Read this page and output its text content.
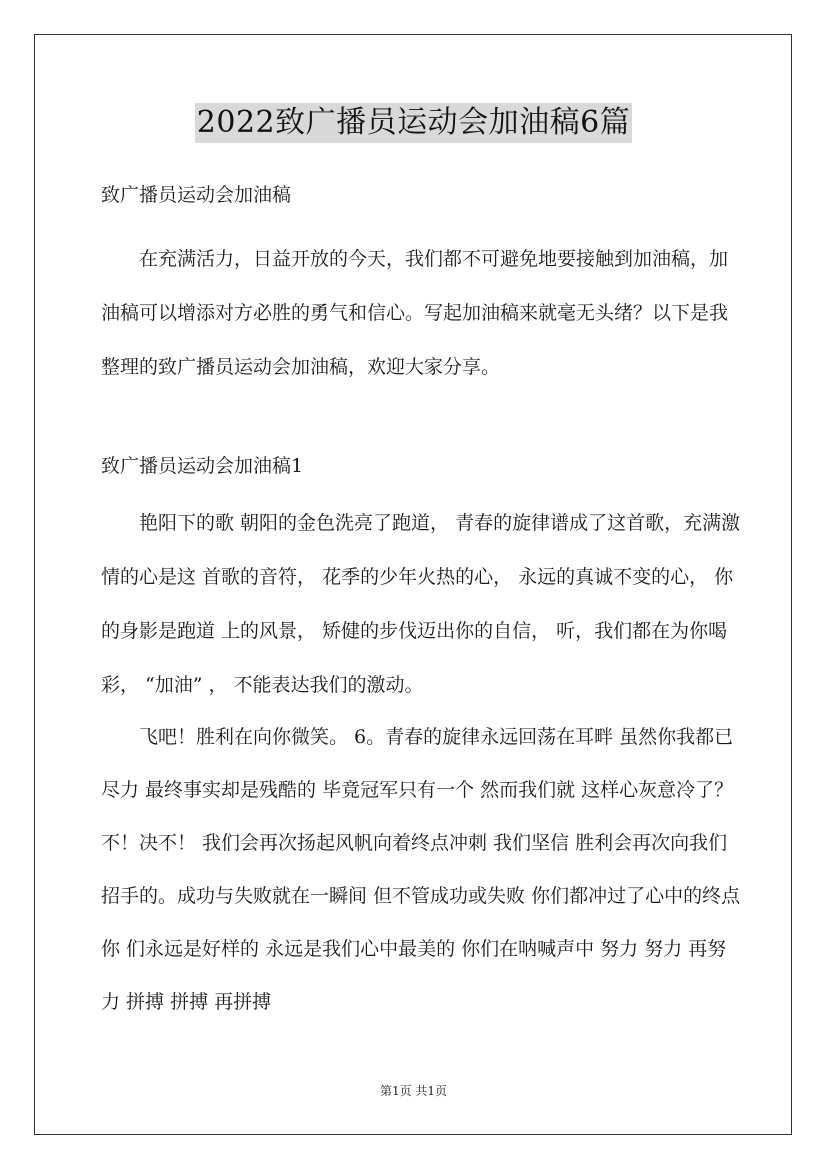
2022致广播员运动会加油稿6篇
致广播员运动会加油稿
在充满活力，日益开放的今天，我们都不可避免地要接触到加油稿，加油稿可以增添对方必胜的勇气和信心。写起加油稿来就毫无头绪？以下是我整理的致广播员运动会加油稿，欢迎大家分享。
致广播员运动会加油稿1
艳阳下的歌 朝阳的金色洗亮了跑道， 青春的旋律谱成了这首歌，充满激情的心是这 首歌的音符， 花季的少年火热的心， 永远的真诚不变的心， 你的身影是跑道 上的风景， 矫健的步伐迈出你的自信， 听，我们都在为你喝彩， “加油” ， 不能表达我们的激动。
飞吧！胜利在向你微笑。 6。青春的旋律永远回荡在耳畔 虽然你我都已尽力 最终事实却是残酷的 毕竟冠军只有一个 然而我们就 这样心灰意冷了？ 不！决不！ 我们会再次扬起风帆向着终点冲刺 我们坚信 胜利会再次向我们招手的。成功与失败就在一瞬间 但不管成功或失败 你们都冲过了心中的终点你 们永远是好样的 永远是我们心中最美的 你们在呐喊声中 努力 努力 再努力 拼搏 拼搏 再拼搏
第1页 共1页
